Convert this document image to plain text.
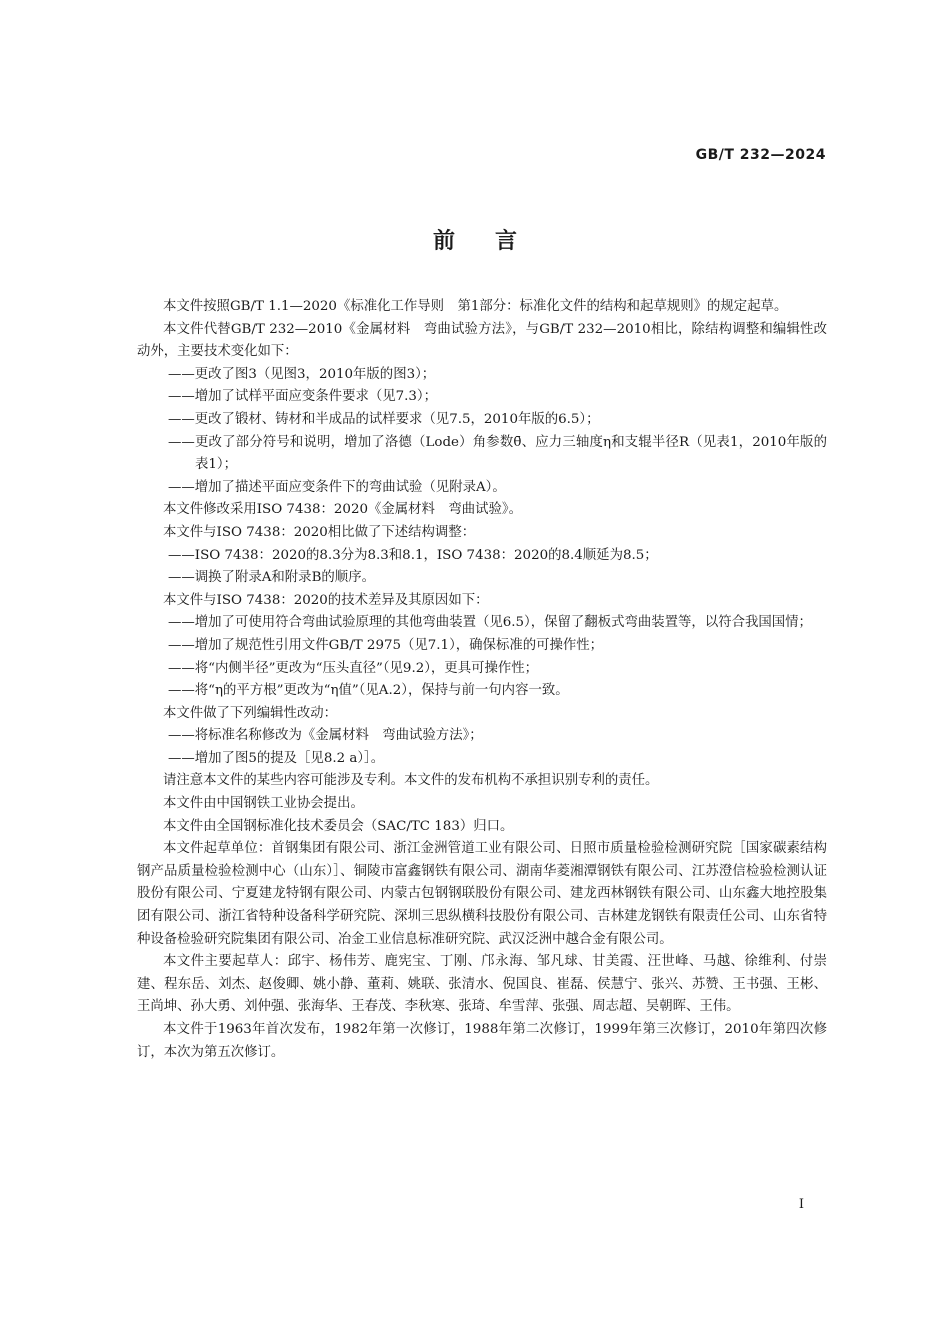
GB/T 232—2024
前言

本文件按照GB/T 1.1—2020《标准化工作导则　第1部分：标准化文件的结构和起草规则》的规定起草。

本文件代替GB/T 232—2010《金属材料　弯曲试验方法》，与GB/T 232—2010相比，除结构调整和编辑性改动外，主要技术变化如下：

——更改了图3（见图3，2010年版的图3）；

——增加了试样平面应变条件要求（见7.3）；

——更改了锻材、铸材和半成品的试样要求（见7.5，2010年版的6.5）；

——更改了部分符号和说明，增加了洛德（Lode）角参数θ̄、应力三轴度η和支辊半径R（见表1，2010年版的表1）；

——增加了描述平面应变条件下的弯曲试验（见附录A）。

本文件修改采用ISO 7438：2020《金属材料　弯曲试验》。

本文件与ISO 7438：2020相比做了下述结构调整：

——ISO 7438：2020的8.3分为8.3和8.1，ISO 7438：2020的8.4顺延为8.5；

——调换了附录A和附录B的顺序。

本文件与ISO 7438：2020的技术差异及其原因如下：

——增加了可使用符合弯曲试验原理的其他弯曲装置（见6.5），保留了翻板式弯曲装置等，以符合我国国情；

——增加了规范性引用文件GB/T 2975（见7.1），确保标准的可操作性；

——将“内侧半径”更改为“压头直径”（见9.2），更具可操作性；

——将“η的平方根”更改为“η值”（见A.2），保持与前一句内容一致。

本文件做了下列编辑性改动：

——将标准名称修改为《金属材料　弯曲试验方法》；

——增加了图5的提及［见8.2 a）］。

请注意本文件的某些内容可能涉及专利。本文件的发布机构不承担识别专利的责任。

本文件由中国钢铁工业协会提出。

本文件由全国钢标准化技术委员会（SAC/TC 183）归口。

本文件起草单位：首钢集团有限公司、浙江金洲管道工业有限公司、日照市质量检验检测研究院［国家碳素结构钢产品质量检验检测中心（山东）］、铜陵市富鑫钢铁有限公司、湖南华菱湘潭钢铁有限公司、江苏澄信检验检测认证股份有限公司、宁夏建龙特钢有限公司、内蒙古包钢钢联股份有限公司、建龙西林钢铁有限公司、山东鑫大地控股集团有限公司、浙江省特种设备科学研究院、深圳三思纵横科技股份有限公司、吉林建龙钢铁有限责任公司、山东省特种设备检验研究院集团有限公司、冶金工业信息标准研究院、武汉泛洲中越合金有限公司。

本文件主要起草人：邱宇、杨伟芳、鹿宪宝、丁刚、邝永海、邹凡球、甘美霞、汪世峰、马越、徐维利、付崇建、程东岳、刘杰、赵俊卿、姚小静、董莉、姚联、张清水、倪国良、崔磊、侯慧宁、张兴、苏赞、王书强、王彬、王尚坤、孙大勇、刘仲强、张海华、王春茂、李秋寒、张琦、牟雪萍、张强、周志超、吴朝晖、王伟。

本文件于1963年首次发布，1982年第一次修订，1988年第二次修订，1999年第三次修订，2010年第四次修订，本次为第五次修订。

I
